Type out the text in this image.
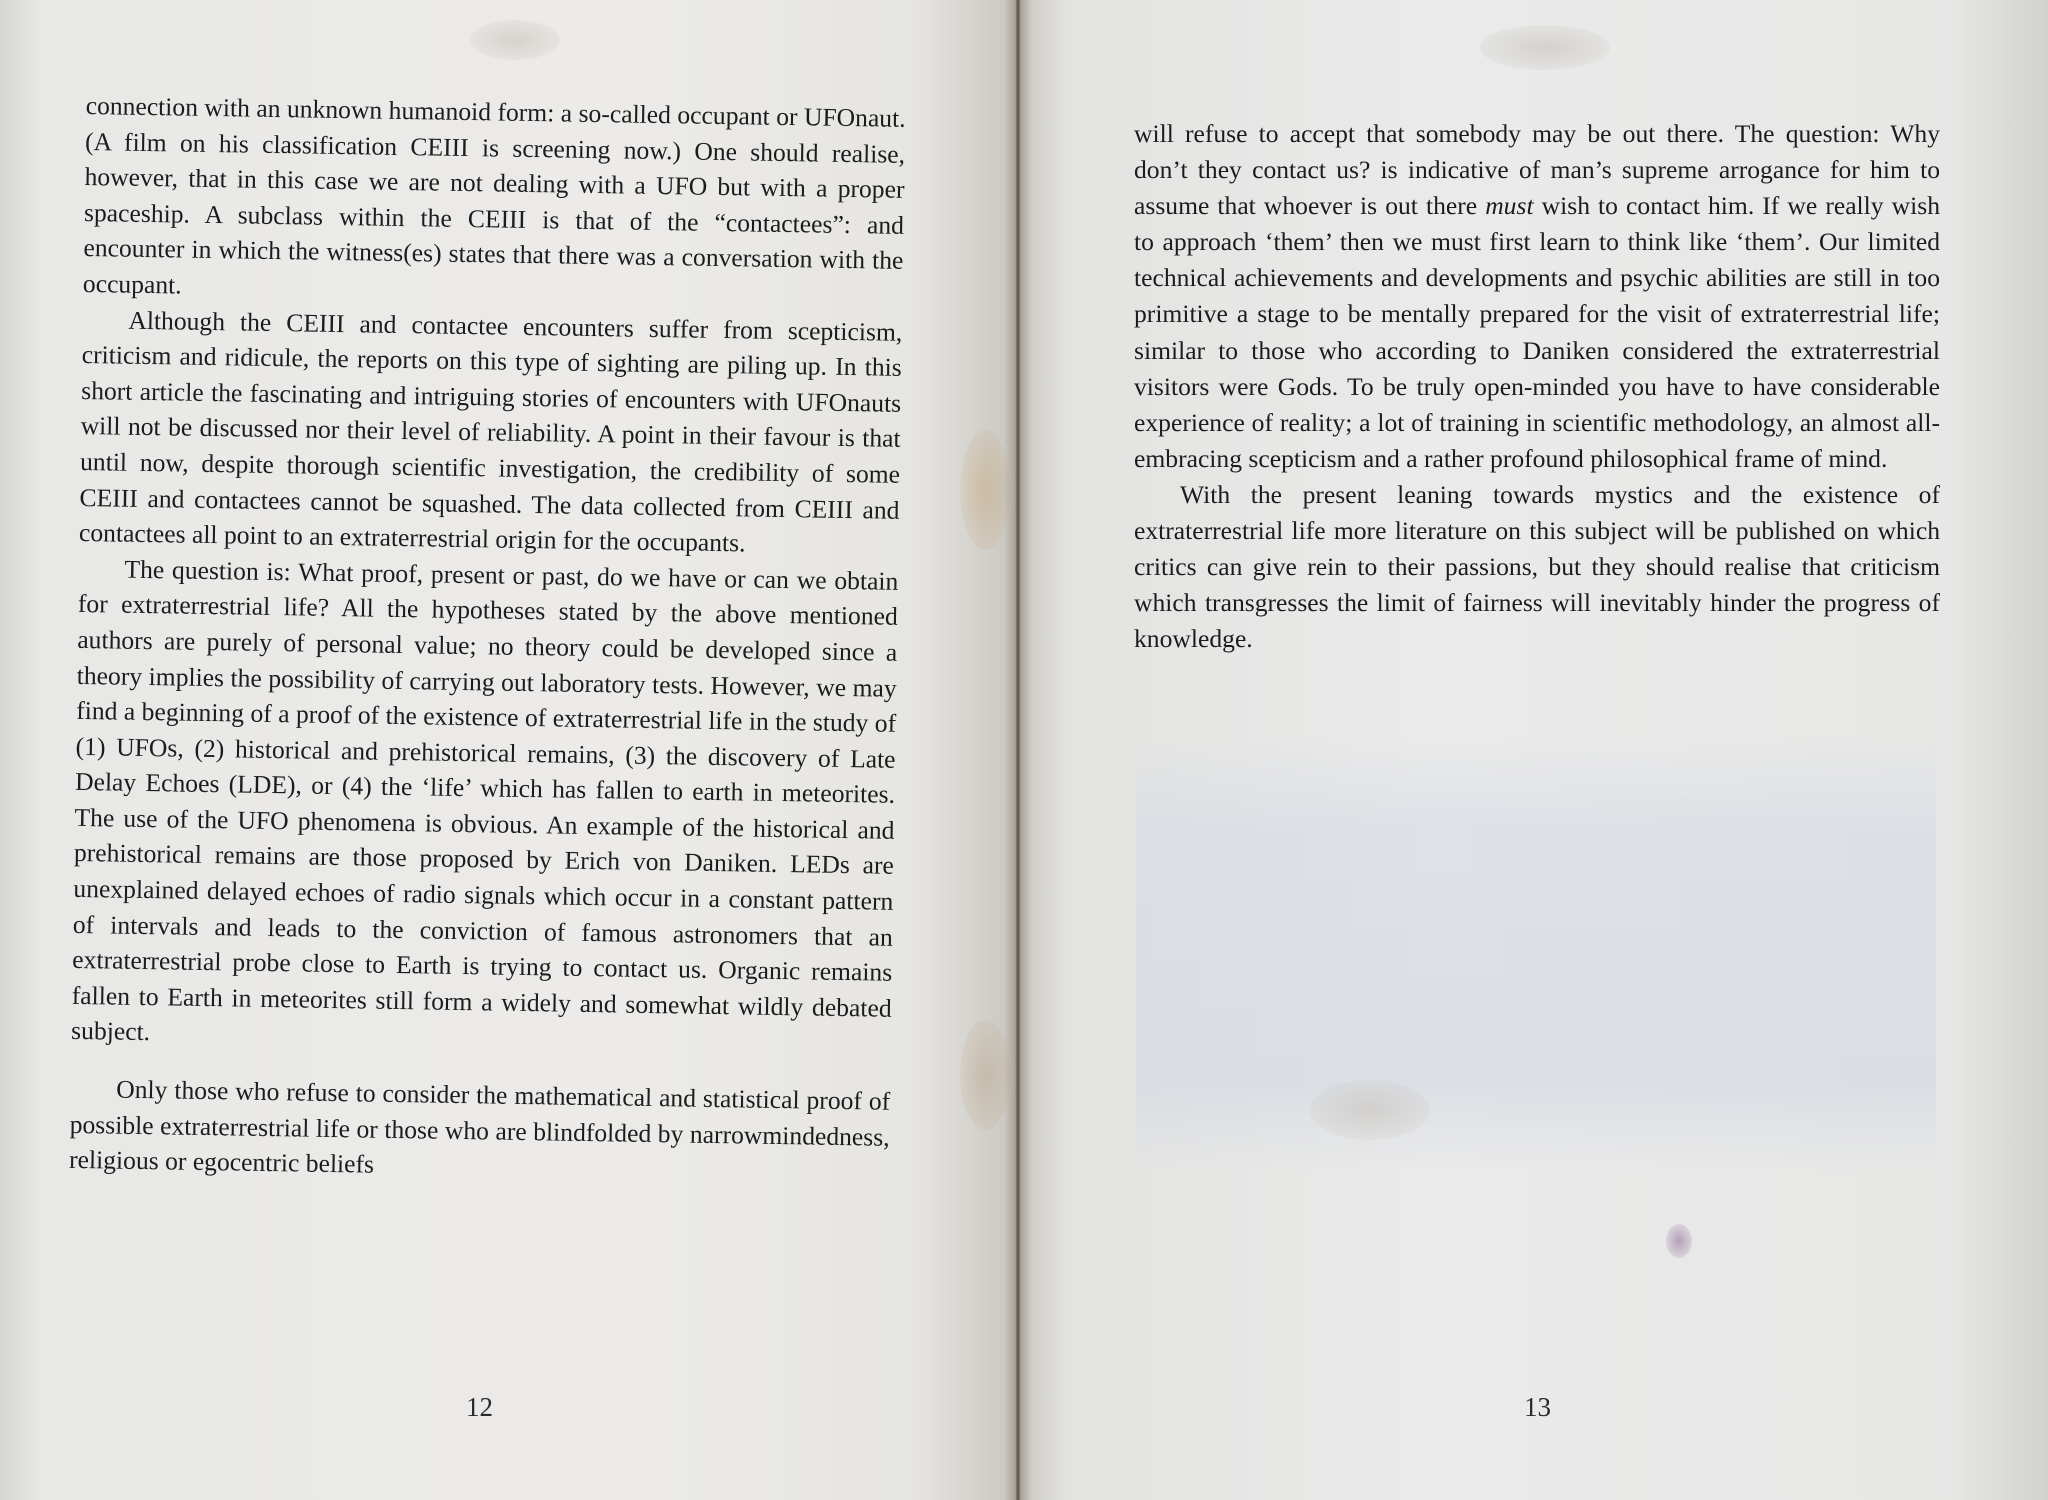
connection with an unknown humanoid form: a so-called occupant or UFOnaut. (A film on his classification CEIII is screening now.) One should realise, however, that in this case we are not dealing with a UFO but with a proper spaceship. A subclass within the CEIII is that of the “contactees”: and encounter in which the witness(es) states that there was a conversation with the occupant.

Although the CEIII and contactee encounters suffer from scepticism, criticism and ridicule, the reports on this type of sighting are piling up. In this short article the fascinating and intriguing stories of encounters with UFOnauts will not be discussed nor their level of reliability. A point in their favour is that until now, despite thorough scientific investigation, the credibility of some CEIII and contactees cannot be squashed. The data collected from CEIII and contactees all point to an extraterrestrial origin for the occupants.

The question is: What proof, present or past, do we have or can we obtain for extraterrestrial life? All the hypotheses stated by the above mentioned authors are purely of personal value; no theory could be developed since a theory implies the possibility of carrying out laboratory tests. However, we may find a beginning of a proof of the existence of extraterrestrial life in the study of (1) UFOs, (2) historical and prehistorical remains, (3) the discovery of Late Delay Echoes (LDE), or (4) the ‘life’ which has fallen to earth in meteorites. The use of the UFO phenomena is obvious. An example of the historical and prehistorical remains are those proposed by Erich von Daniken. LEDs are unexplained delayed echoes of radio signals which occur in a constant pattern of intervals and leads to the conviction of famous astronomers that an extraterrestrial probe close to Earth is trying to contact us. Organic remains fallen to Earth in meteorites still form a widely and somewhat wildly debated subject.

Only those who refuse to consider the mathematical and statistical proof of possible extraterrestrial life or those who are blindfolded by narrowmindedness, religious or egocentric beliefs

12

will refuse to accept that somebody may be out there. The question: Why don’t they contact us? is indicative of man’s supreme arrogance for him to assume that whoever is out there must wish to contact him. If we really wish to approach ‘them’ then we must first learn to think like ‘them’. Our limited technical achievements and developments and psychic abilities are still in too primitive a stage to be mentally prepared for the visit of extraterrestrial life; similar to those who according to Daniken considered the extraterrestrial visitors were Gods. To be truly open-minded you have to have considerable experience of reality; a lot of training in scientific methodology, an almost all-embracing scepticism and a rather profound philosophical frame of mind.

With the present leaning towards mystics and the existence of extraterrestrial life more literature on this subject will be published on which critics can give rein to their passions, but they should realise that criticism which transgresses the limit of fairness will inevitably hinder the progress of knowledge.

13
